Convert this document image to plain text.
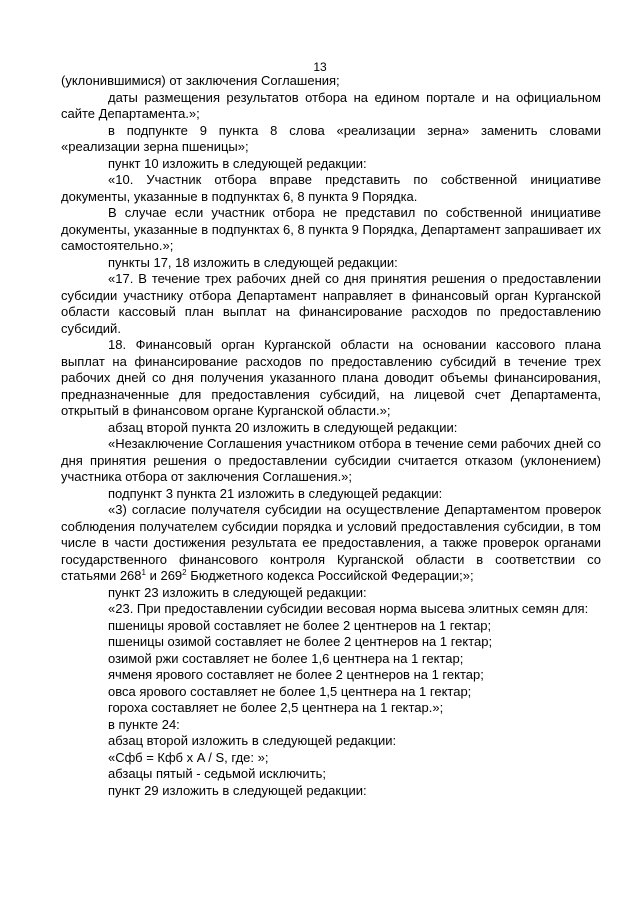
13

(уклонившимися) от заключения Соглашения;

даты размещения результатов отбора на едином портале и на официальном сайте Департамента.»;

в подпункте 9 пункта 8 слова «реализации зерна» заменить словами «реализации зерна пшеницы»;

пункт 10 изложить в следующей редакции:

«10. Участник отбора вправе представить по собственной инициативе документы, указанные в подпунктах 6, 8 пункта 9 Порядка.

В случае если участник отбора не представил по собственной инициативе документы, указанные в подпунктах 6, 8 пункта 9 Порядка, Департамент запрашивает их самостоятельно.»;

пункты 17, 18 изложить в следующей редакции:

«17. В течение трех рабочих дней со дня принятия решения о предоставлении субсидии участнику отбора Департамент направляет в финансовый орган Курганской области кассовый план выплат на финансирование расходов по предоставлению субсидий.

18. Финансовый орган Курганской области на основании кассового плана выплат на финансирование расходов по предоставлению субсидий в течение трех рабочих дней со дня получения указанного плана доводит объемы финансирования, предназначенные для предоставления субсидий, на лицевой счет Департамента, открытый в финансовом органе Курганской области.»;

абзац второй пункта 20 изложить в следующей редакции:

«Незаключение Соглашения участником отбора в течение семи рабочих дней со дня принятия решения о предоставлении субсидии считается отказом (уклонением) участника отбора от заключения Соглашения.»;

подпункт 3 пункта 21 изложить в следующей редакции:

«3) согласие получателя субсидии на осуществление Департаментом проверок соблюдения получателем субсидии порядка и условий предоставления субсидии, в том числе в части достижения результата ее предоставления, а также проверок органами государственного финансового контроля Курганской области в соответствии со статьями $268^1$ и $269^2$ Бюджетного кодекса Российской Федерации;»;

пункт 23 изложить в следующей редакции:

«23. При предоставлении субсидии весовая норма высева элитных семян для:

пшеницы яровой составляет не более 2 центнеров на 1 гектар;

пшеницы озимой составляет не более 2 центнеров на 1 гектар;

озимой ржи составляет не более 1,6 центнера на 1 гектар;

ячменя ярового составляет не более 2 центнеров на 1 гектар;

овса ярового составляет не более 1,5 центнера на 1 гектар;

гороха составляет не более 2,5 центнера на 1 гектар.»;

в пункте 24:

абзац второй изложить в следующей редакции:

«Сфб = Кфб х A / S, где: »;

абзацы пятый - седьмой исключить;

пункт 29 изложить в следующей редакции:
